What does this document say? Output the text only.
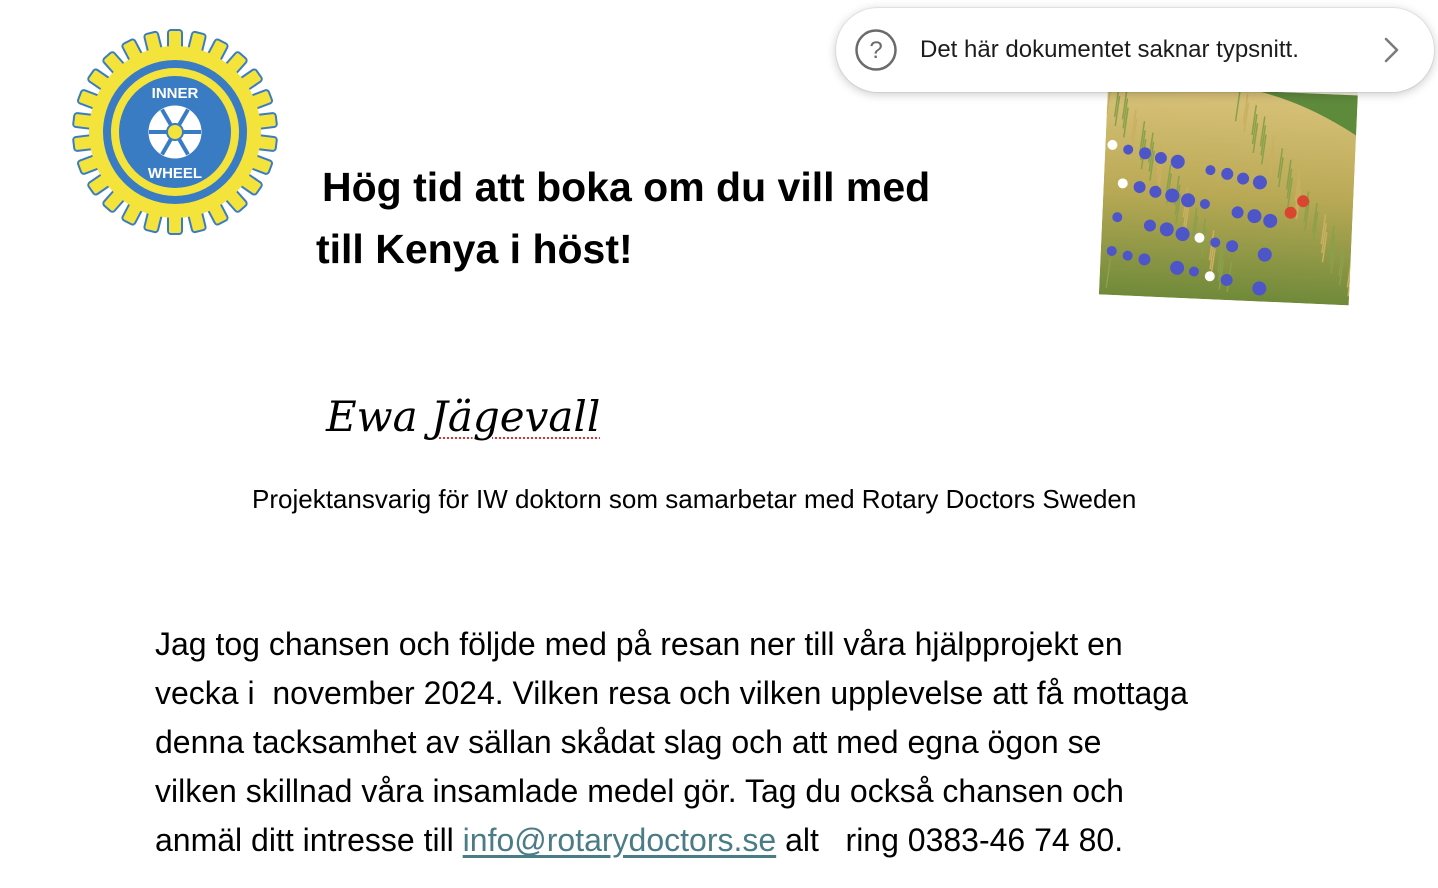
INNER
WHEEL	Hög tid att boka om du vill med
till Kenya i höst!
Ewa Jägevall
Projektansvarig för IW doktorn som samarbetar med Rotary Doctors Sweden

Jag tog chansen och följde med på resan ner till våra hjälpprojekt en
vecka i  november 2024. Vilken resa och vilken upplevelse att få mottaga
denna tacksamhet av sällan skådat slag och att med egna ögon se
vilken skillnad våra insamlade medel gör. Tag du också chansen och
anmäl ditt intresse till info@rotarydoctors.se alt   ring 0383-46 74 80.

? Det här dokumentet saknar typsnitt.
